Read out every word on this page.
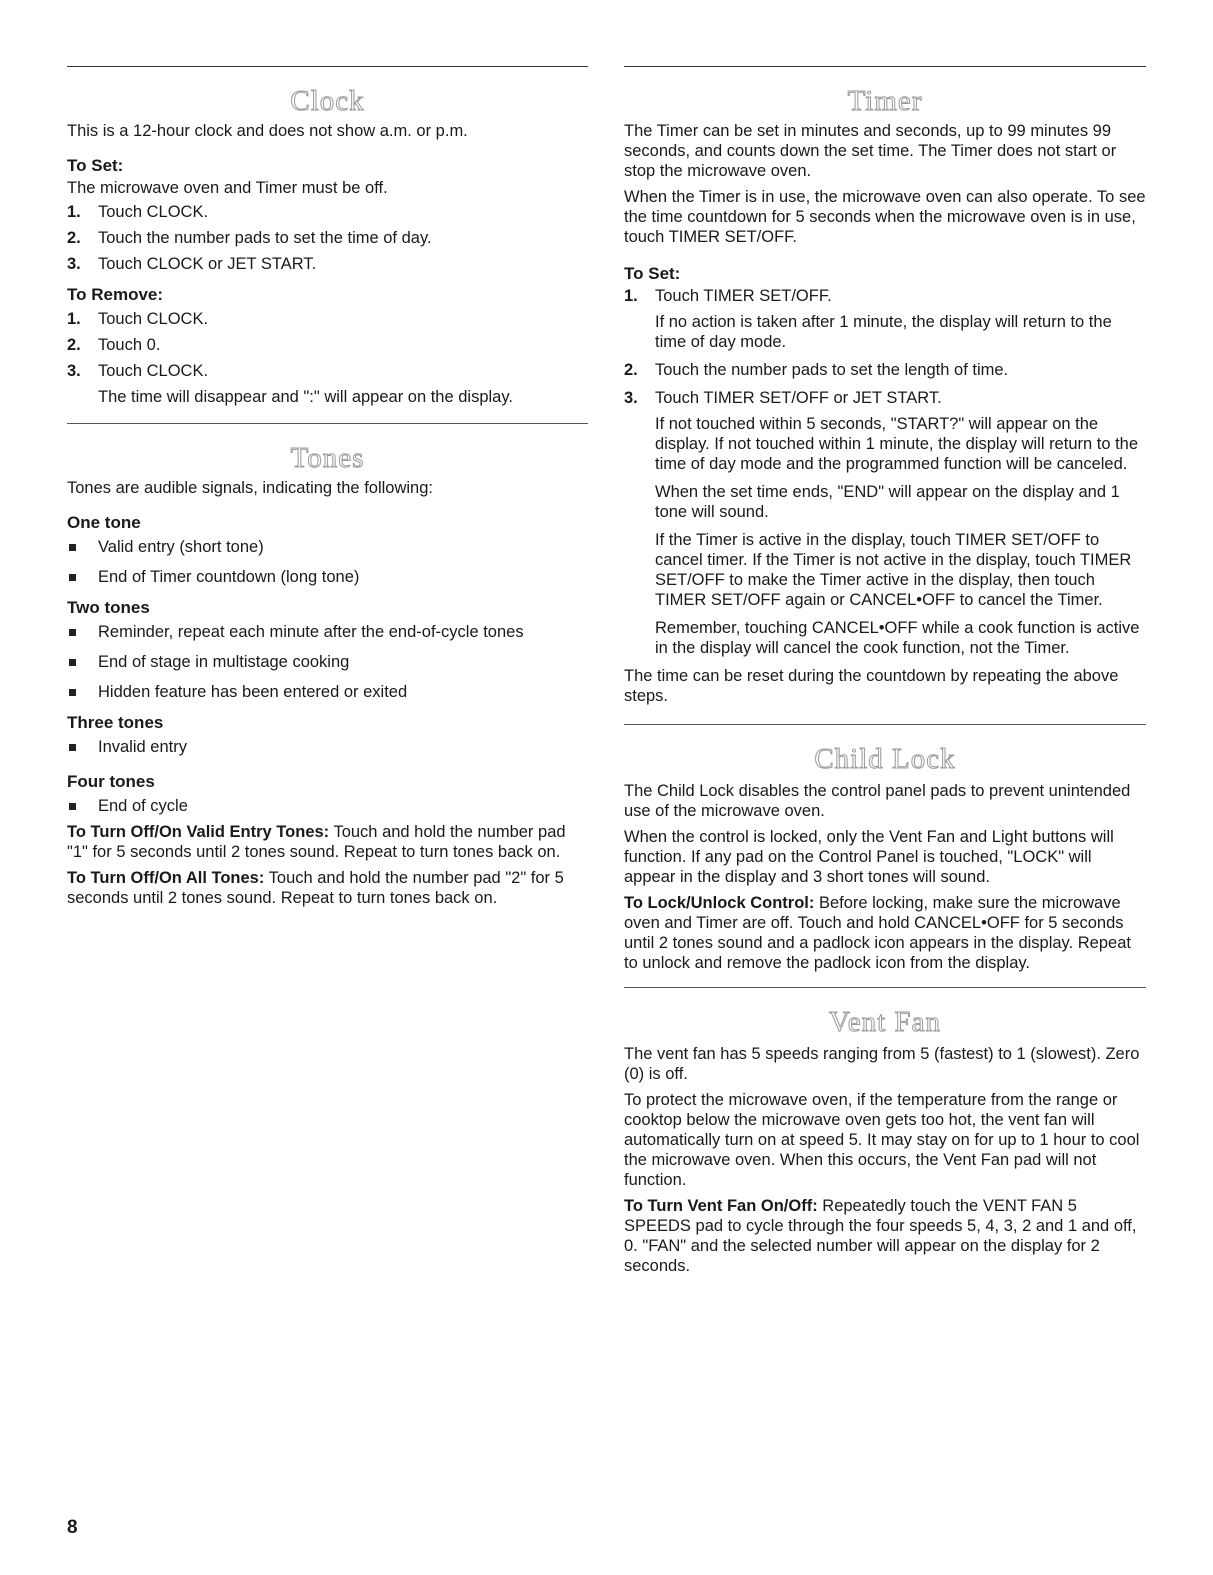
Clock

This is a 12-hour clock and does not show a.m. or p.m.

To Set:

The microwave oven and Timer must be off.

1.	Touch CLOCK.
2.	Touch the number pads to set the time of day.
3.	Touch CLOCK or JET START.
To Remove:
1.	Touch CLOCK.
2.	Touch 0.
3.	Touch CLOCK.
The time will disappear and ":" will appear on the display.
Tones

Tones are audible signals, indicating the following:

One tone
Valid entry (short tone)
End of Timer countdown (long tone)
Two tones
Reminder, repeat each minute after the end-of-cycle tones
End of stage in multistage cooking
Hidden feature has been entered or exited
Three tones
Invalid entry
Four tones
End of cycle

To Turn Off/On Valid Entry Tones: Touch and hold the number pad "1" for 5 seconds until 2 tones sound. Repeat to turn tones back on.

To Turn Off/On All Tones: Touch and hold the number pad "2" for 5 seconds until 2 tones sound. Repeat to turn tones back on.

Timer

The Timer can be set in minutes and seconds, up to 99 minutes 99 seconds, and counts down the set time. The Timer does not start or stop the microwave oven.

When the Timer is in use, the microwave oven can also operate. To see the time countdown for 5 seconds when the microwave oven is in use, touch TIMER SET/OFF.

To Set:
1.	Touch TIMER SET/OFF.
If no action is taken after 1 minute, the display will return to the time of day mode.
2.	Touch the number pads to set the length of time.
3.	Touch TIMER SET/OFF or JET START.
If not touched within 5 seconds, "START?" will appear on the display. If not touched within 1 minute, the display will return to the time of day mode and the programmed function will be canceled.
When the set time ends, "END" will appear on the display and 1 tone will sound.
If the Timer is active in the display, touch TIMER SET/OFF to cancel timer. If the Timer is not active in the display, touch TIMER SET/OFF to make the Timer active in the display, then touch TIMER SET/OFF again or CANCEL•OFF to cancel the Timer.
Remember, touching CANCEL•OFF while a cook function is active in the display will cancel the cook function, not the Timer.

The time can be reset during the countdown by repeating the above steps.

Child Lock

The Child Lock disables the control panel pads to prevent unintended use of the microwave oven.

When the control is locked, only the Vent Fan and Light buttons will function. If any pad on the Control Panel is touched, "LOCK" will appear in the display and 3 short tones will sound.

To Lock/Unlock Control: Before locking, make sure the microwave oven and Timer are off. Touch and hold CANCEL•OFF for 5 seconds until 2 tones sound and a padlock icon appears in the display. Repeat to unlock and remove the padlock icon from the display.

Vent Fan

The vent fan has 5 speeds ranging from 5 (fastest) to 1 (slowest). Zero (0) is off.

To protect the microwave oven, if the temperature from the range or cooktop below the microwave oven gets too hot, the vent fan will automatically turn on at speed 5. It may stay on for up to 1 hour to cool the microwave oven. When this occurs, the Vent Fan pad will not function.

To Turn Vent Fan On/Off: Repeatedly touch the VENT FAN 5 SPEEDS pad to cycle through the four speeds 5, 4, 3, 2 and 1 and off, 0. "FAN" and the selected number will appear on the display for 2 seconds.

8
